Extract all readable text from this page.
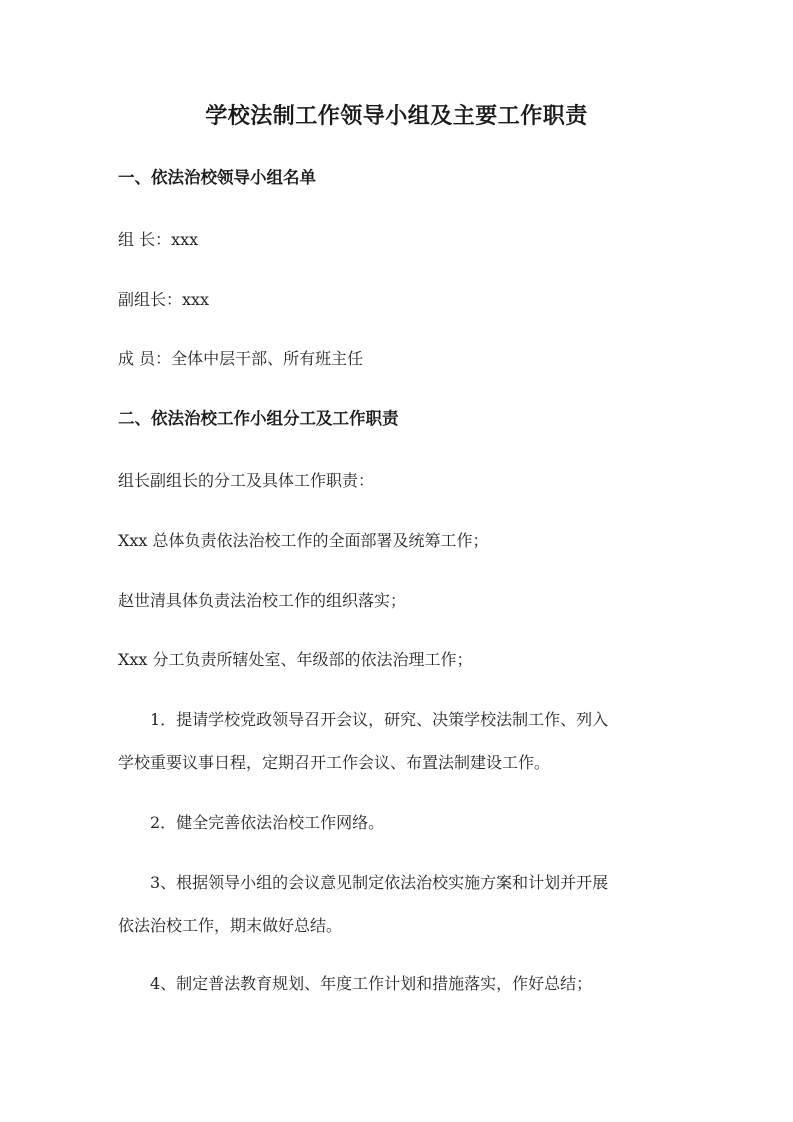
学校法制工作领导小组及主要工作职责
一、依法治校领导小组名单
组 长：xxx
副组长：xxx
成 员：全体中层干部、所有班主任
二、依法治校工作小组分工及工作职责
组长副组长的分工及具体工作职责：
Xxx 总体负责依法治校工作的全面部署及统筹工作；
赵世清具体负责法治校工作的组织落实；
Xxx 分工负责所辖处室、年级部的依法治理工作；
1．提请学校党政领导召开会议，研究、决策学校法制工作、列入
学校重要议事日程，定期召开工作会议、布置法制建设工作。
2．健全完善依法治校工作网络。
3、根据领导小组的会议意见制定依法治校实施方案和计划并开展
依法治校工作，期末做好总结。
4、制定普法教育规划、年度工作计划和措施落实，作好总结；
